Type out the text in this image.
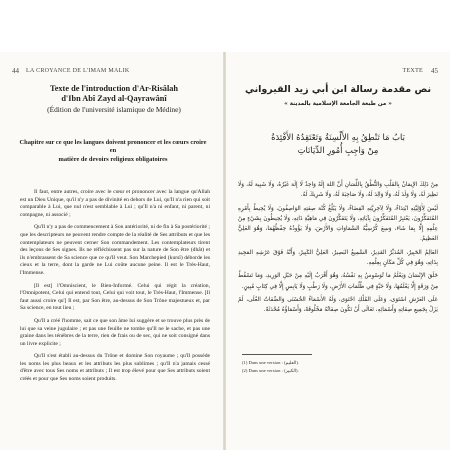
44 LA CROYANCE DE L'IMAM MALIK
Texte de l'introduction d'Ar-Risâlah
d'Ibn Abî Zayd al-Qayrawânî
(Édition de l'université islamique de Médine)
Chapitre sur ce que les langues doivent prononcer et les cœurs croire en
matière de devoirs religieux obligatoires

Il faut, entre autres, croire avec le cœur et prononcer avec la langue qu'Allah est un Dieu Unique, qu'il n'y a pas de divinité en dehors de Lui, qu'Il n'a rien qui soit comparable à Lui, que nul n'est semblable à Lui ; qu'Il n'a ni enfant, ni parent, ni compagne, ni associé ;

Qu'Il n'y a pas de commencement à Son antériorité, ni de fin à Sa postériorité ; que les descripteurs ne peuvent rendre compte de la réalité de Ses attributs et que les contemplateurs ne peuvent cerner Son commandement. Les contemplateurs tirent des leçons de Ses signes. Ils ne réfléchissent pas sur la nature de Son être (dhât) et ils n'embrassent de Sa science que ce qu'Il veut. Son Marchepied (kursî) déborde les cieux et la terre, dont la garde ne Lui coûte aucune peine. Il est le Très-Haut, l'Immense.

[Il est] l'Omniscient, le Bien-Informé. Celui qui régit la création, l'Omnipotent, Celui qui entend tout, Celui qui voit tout, le Très-Haut, l'Immense. [Il faut aussi croire qu'] Il est, par Son être, au-dessus de Son Trône majestueux et, par Sa science, en tout lieu ;

Qu'Il a créé l'homme, sait ce que son âme lui suggère et se trouve plus près de lui que sa veine jugulaire ; et pas une feuille ne tombe qu'Il ne le sache, et pas une graine dans les ténèbres de la terre, rien de frais ou de sec, qui ne soit consigné dans un livre explicite ;

Qu'Il s'est établi au-dessus du Trône et domine Son royaume ; qu'Il possède les noms les plus beaux et les attributs les plus sublimes ; qu'Il n'a jamais cessé d'être avec tous Ses noms et attributs ; Il est trop élevé pour que Ses attributs soient créés et pour que Ses noms soient produits.

TEXTE 45
نص مقدمة رسالة ابن أبي زيد القيرواني
« من طبعة الجامعة الإسلامية بالمدينة »
بَابُ مَا تَنْطِقُ بِهِ الأَلْسِنَةُ وَتَعْتَقِدُهُ الأَفْئِدَةُ
مِنْ وَاجِبِ أُمُورِ الدِّيَانَاتِ

مِنْ ذَلِكَ الإِيمَانُ بِالقَلْبِ وَالنُّطْقُ بِاللِّسَانِ أَنَّ اللهَ إِلَهٌ وَاحِدٌ لَا إِلَهَ غَيْرُهُ، وَلَا شَبِيهَ لَهُ، وَلَا نَظِيرَ لَهُ، وَلَا وَلَدَ لَهُ، وَلَا وَالِدَ لَهُ، وَلَا صَاحِبَةَ لَهُ، وَلَا شَرِيكَ لَهُ.

لَيْسَ لِأَوَّلِيَّتِهِ ابْتِدَاءٌ، وَلَا لِآخِرِيَّتِهِ انْقِضَاءٌ، وَلَا يَبْلُغُ كُنْهَ صِفَتِهِ الوَاصِفُونَ، وَلَا يُحِيطُ بِأَمْرِهِ المُتَفَكِّرُونَ، يَعْتَبِرُ المُتَفَكِّرُونَ بِآيَاتِهِ، وَلَا يَتَفَكَّرُونَ فِي مَاهِيَّةِ ذَاتِهِ، وَلَا يُحِيطُونَ بِشَيْءٍ مِنْ عِلْمِهِ إِلَّا بِمَا شَاءَ، وَسِعَ كُرْسِيُّهُ السَّمَاوَاتِ وَالأَرْضَ، وَلَا يَؤُودُهُ حِفْظُهُمَا، وَهُوَ العَلِيُّ العَظِيمُ.

العَالِمُ الخَبِيرُ، المُدَبِّرُ القَدِيرُ، السَّمِيعُ البَصِيرُ، العَلِيُّ الكَبِيرُ، وَأَنَّهُ فَوْقَ عَرْشِهِ المَجِيدِ بِذَاتِهِ، وَهُوَ فِي كُلِّ مَكَانٍ بِعِلْمِهِ.

خَلَقَ الإِنْسَانَ وَيَعْلَمُ مَا تُوَسْوِسُ بِهِ نَفْسُهُ، وَهُوَ أَقْرَبُ إِلَيْهِ مِنْ حَبْلِ الوَرِيدِ، وَمَا تَسْقُطُ مِنْ وَرَقَةٍ إِلَّا يَعْلَمُهَا، وَلَا حَبَّةٍ فِي ظُلُمَاتِ الأَرْضِ، وَلَا رَطْبٍ وَلَا يَابِسٍ إِلَّا فِي كِتَابٍ مُبِينٍ.

عَلَى العَرْشِ اسْتَوَى، وَعَلَى المُلْكِ احْتَوَى، وَلَهُ الأَسْمَاءُ الحُسْنَى وَالصِّفَاتُ العُلَى، لَمْ يَزَلْ بِجَمِيعِ صِفَاتِهِ وَأَسْمَائِهِ، تَعَالَى أَنْ تَكُونَ صِفَاتُهُ مَخْلُوقَةً، وَأَسْمَاؤُهُ مُحْدَثَةً.

(1) Dans une version : (العليم).
(2) Dans une version : (الكبير).
